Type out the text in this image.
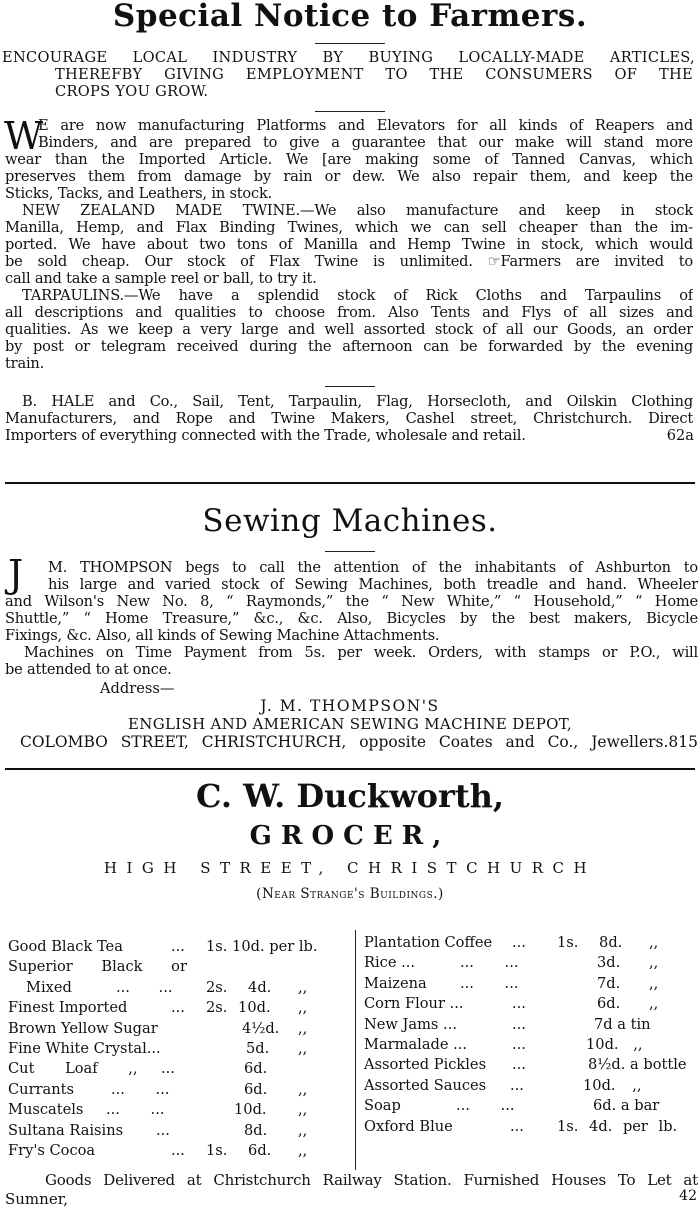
Special Notice to Farmers.
ENCOURAGE LOCAL INDUSTRY BY BUYING LOCALLY-MADE ARTICLES,
THEREFBY GIVING EMPLOYMENT TO THE CONSUMERS OF THE
CROPS YOU GROW.
W
E are now manufacturing Platforms and Elevators for all kinds of Reapers and
Binders, and are prepared to give a guarantee that our make will stand more
wear than the Imported Article. We [are making some of Tanned Canvas, which
preserves them from damage by rain or dew. We also repair them, and keep the
Sticks, Tacks, and Leathers, in stock.
NEW ZEALAND MADE TWINE.—We also manufacture and keep in stock
Manilla, Hemp, and Flax Binding Twines, which we can sell cheaper than the im-
ported. We have about two tons of Manilla and Hemp Twine in stock, which would
be sold cheap. Our stock of Flax Twine is unlimited. ☞Farmers are invited to
call and take a sample reel or ball, to try it.
TARPAULINS.—We have a splendid stock of Rick Cloths and Tarpaulins of
all descriptions and qualities to choose from. Also Tents and Flys of all sizes and
qualities. As we keep a very large and well assorted stock of all our Goods, an order
by post or telegram received during the afternoon can be forwarded by the evening
train.
B. HALE and Co., Sail, Tent, Tarpaulin, Flag, Horsecloth, and Oilskin Clothing
Manufacturers, and Rope and Twine Makers, Cashel street, Christchurch. Direct
Importers of everything connected with the Trade, wholesale and retail.	62a
Sewing Machines.
J M. THOMPSON begs to call the attention of the inhabitants of Ashburton to
his large and varied stock of Sewing Machines, both treadle and hand. Wheeler
and Wilson's New No. 8, “ Raymonds,” the “ New White,” “ Household,” “ Home
Shuttle,” “ Home Treasure,” &c., &c. Also, Bicycles by the best makers, Bicycle
Fixings, &c. Also, all kinds of Sewing Machine Attachments.
Machines on Time Payment from 5s. per week. Orders, with stamps or P.O., will
be attended to at once.
Address—
J. M. THOMPSON'S
ENGLISH AND AMERICAN SEWING MACHINE DEPOT,
COLOMBO STREET, CHRISTCHURCH, opposite Coates and Co., Jewellers.815
C. W. Duckworth,
GROCER,
HIGH STREET, CHRISTCHURCH
(Near Strange's Buildings.)
Good Black Tea	... 1s. 10d. per lb.
Superior Black or
Mixed	... ... 2s. 4d. ,,
Finest Imported	... 2s. 10d. ,,
Brown Yellow Sugar	4½d. ,,
Fine White Crystal...	5d. ,,
Cut Loaf ,, ...	6d.
Currants	... ...	6d. ,,
Muscatels ... ...	10d. ,,
Sultana Raisins ...	8d. ,,
Fry's Cocoa	... 1s. 6d. ,,
Plantation Coffee ... 1s. 8d. ,,
Rice ...	... ...	3d. ,,
Maizena ... ...	7d. ,,
Corn Flour ...	...	6d. ,,
New Jams ...	...	7d a tin
Marmalade ...	...	10d. ,,
Assorted Pickles ...	8½d. a bottle
Assorted Sauces ...	10d. ,,
Soap	... ...	6d. a bar
Oxford Blue	... 1s. 4d. per lb.
Goods Delivered at Christchurch Railway Station. Furnished Houses To Let at
Sumner,	42
